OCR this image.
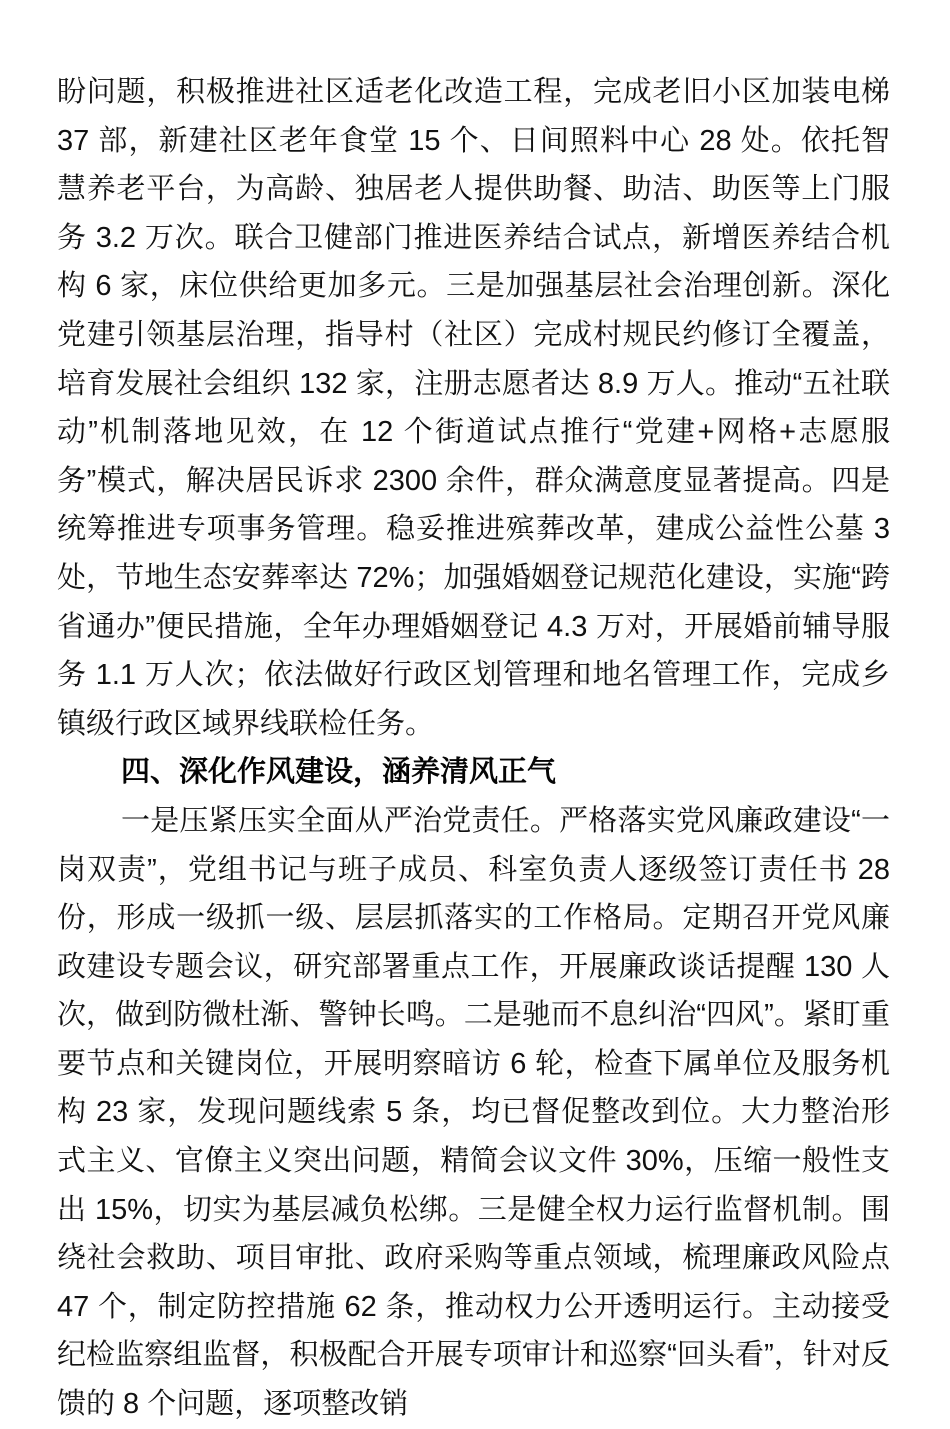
盼问题，积极推进社区适老化改造工程，完成老旧小区加装电梯 37 部，新建社区老年食堂 15 个、日间照料中心 28 处。依托智慧养老平台，为高龄、独居老人提供助餐、助洁、助医等上门服务 3.2 万次。联合卫健部门推进医养结合试点，新增医养结合机构 6 家，床位供给更加多元。三是加强基层社会治理创新。深化党建引领基层治理，指导村（社区）完成村规民约修订全覆盖，培育发展社会组织 132 家，注册志愿者达 8.9 万人。推动“五社联动”机制落地见效，在 12 个街道试点推行“党建+网格+志愿服务”模式，解决居民诉求 2300 余件，群众满意度显著提高。四是统筹推进专项事务管理。稳妥推进殡葬改革，建成公益性公墓 3 处，节地生态安葬率达 72%；加强婚姻登记规范化建设，实施“跨省通办”便民措施，全年办理婚姻登记 4.3 万对，开展婚前辅导服务 1.1 万人次；依法做好行政区划管理和地名管理工作，完成乡镇级行政区域界线联检任务。

四、深化作风建设，涵养清风正气

一是压紧压实全面从严治党责任。严格落实党风廉政建设“一岗双责”，党组书记与班子成员、科室负责人逐级签订责任书 28 份，形成一级抓一级、层层抓落实的工作格局。定期召开党风廉政建设专题会议，研究部署重点工作，开展廉政谈话提醒 130 人次，做到防微杜渐、警钟长鸣。二是驰而不息纠治“四风”。紧盯重要节点和关键岗位，开展明察暗访 6 轮，检查下属单位及服务机构 23 家，发现问题线索 5 条，均已督促整改到位。大力整治形式主义、官僚主义突出问题，精简会议文件 30%，压缩一般性支出 15%，切实为基层减负松绑。三是健全权力运行监督机制。围绕社会救助、项目审批、政府采购等重点领域，梳理廉政风险点 47 个，制定防控措施 62 条，推动权力公开透明运行。主动接受纪检监察组监督，积极配合开展专项审计和巡察“回头看”，针对反馈的 8 个问题，逐项整改销
